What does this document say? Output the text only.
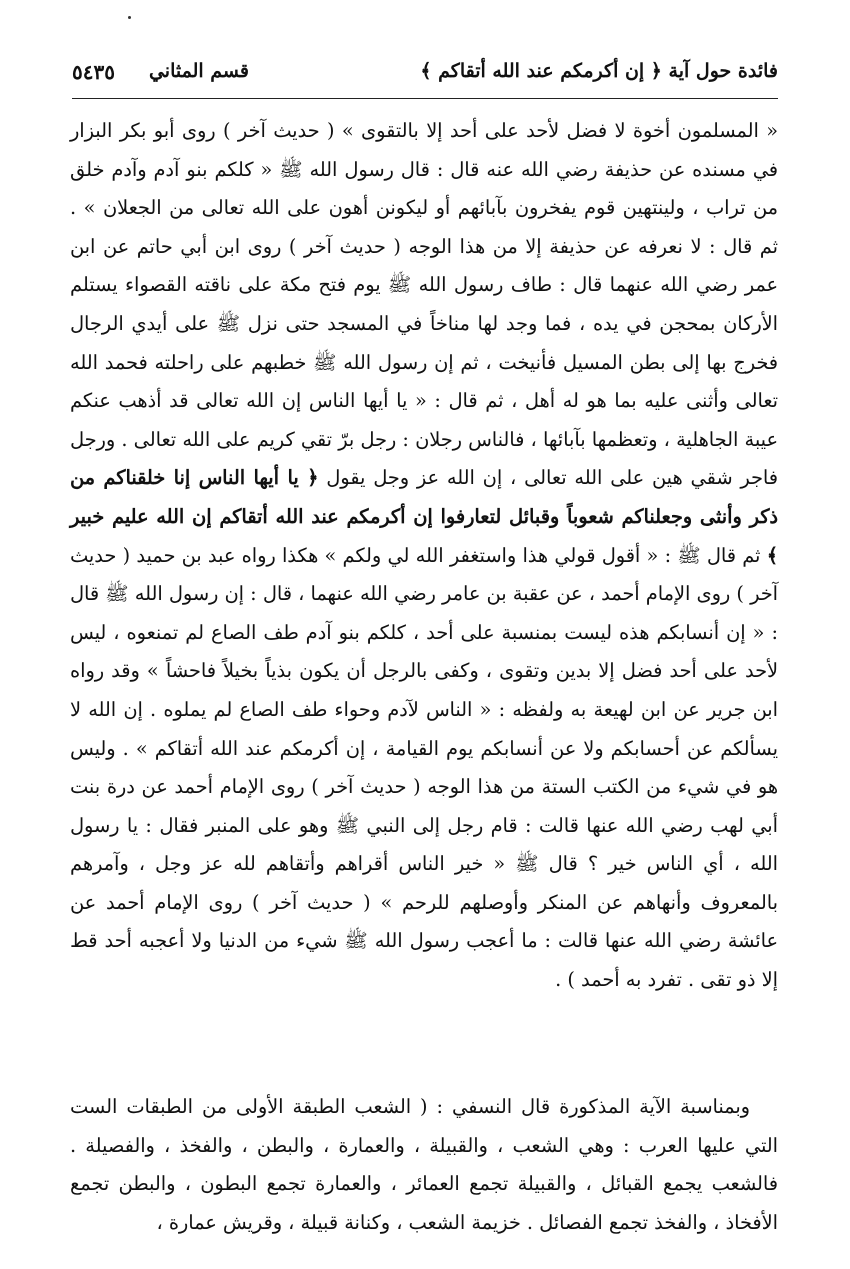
فائدة حول آية ﴿ إن أكرمكم عند الله أتقاكم ﴾
قسم المثاني
٥٤٣٥

« المسلمون أخوة لا فضل لأحد على أحد إلا بالتقوى » ( حديث آخر ) روى أبو بكر البزار في مسنده عن حذيفة رضي الله عنه قال : قال رسول الله ﷺ « كلكم بنو آدم وآدم خلق من تراب ، ولينتهين قوم يفخرون بآبائهم أو ليكونن أهون على الله تعالى من الجعلان » . ثم قال : لا نعرفه عن حذيفة إلا من هذا الوجه ( حديث آخر ) روى ابن أبي حاتم عن ابن عمر رضي الله عنهما قال : طاف رسول الله ﷺ يوم فتح مكة على ناقته القصواء يستلم الأركان بمحجن في يده ، فما وجد لها مناخاً في المسجد حتى نزل ﷺ على أيدي الرجال فخرج بها إلى بطن المسيل فأنيخت ، ثم إن رسول الله ﷺ خطبهم على راحلته فحمد الله تعالى وأثنى عليه بما هو له أهل ، ثم قال : « يا أيها الناس إن الله تعالى قد أذهب عنكم عيبة الجاهلية ، وتعظمها بآبائها ، فالناس رجلان : رجل برّ تقي كريم على الله تعالى . ورجل فاجر شقي هين على الله تعالى ، إن الله عز وجل يقول ﴿ يا أيها الناس إنا خلقناكم من ذكر وأنثى وجعلناكم شعوباً وقبائل لتعارفوا إن أكرمكم عند الله أتقاكم إن الله عليم خبير ﴾ ثم قال ﷺ : « أقول قولي هذا واستغفر الله لي ولكم » هكذا رواه عبد بن حميد ( حديث آخر ) روى الإمام أحمد ، عن عقبة بن عامر رضي الله عنهما ، قال : إن رسول الله ﷺ قال : « إن أنسابكم هذه ليست بمنسبة على أحد ، كلكم بنو آدم طف الصاع لم تمنعوه ، ليس لأحد على أحد فضل إلا بدين وتقوى ، وكفى بالرجل أن يكون بذياً بخيلاً فاحشاً » وقد رواه ابن جرير عن ابن لهيعة به ولفظه : « الناس لآدم وحواء طف الصاع لم يملوه . إن الله لا يسألكم عن أحسابكم ولا عن أنسابكم يوم القيامة ، إن أكرمكم عند الله أتقاكم » . وليس هو في شيء من الكتب الستة من هذا الوجه ( حديث آخر ) روى الإمام أحمد عن درة بنت أبي لهب رضي الله عنها قالت : قام رجل إلى النبي ﷺ وهو على المنبر فقال : يا رسول الله ، أي الناس خير ؟ قال ﷺ « خير الناس أقراهم وأتقاهم لله عز وجل ، وآمرهم بالمعروف وأنهاهم عن المنكر وأوصلهم للرحم » ( حديث آخر ) روى الإمام أحمد عن عائشة رضي الله عنها قالت : ما أعجب رسول الله ﷺ شيء من الدنيا ولا أعجبه أحد قط إلا ذو تقى . تفرد به أحمد ) .

وبمناسبة الآية المذكورة قال النسفي : ( الشعب الطبقة الأولى من الطبقات الست التي عليها العرب : وهي الشعب ، والقبيلة ، والعمارة ، والبطن ، والفخذ ، والفصيلة . فالشعب يجمع القبائل ، والقبيلة تجمع العمائر ، والعمارة تجمع البطون ، والبطن تجمع الأفخاذ ، والفخذ تجمع الفصائل . خزيمة الشعب ، وكنانة قبيلة ، وقريش عمارة ،
